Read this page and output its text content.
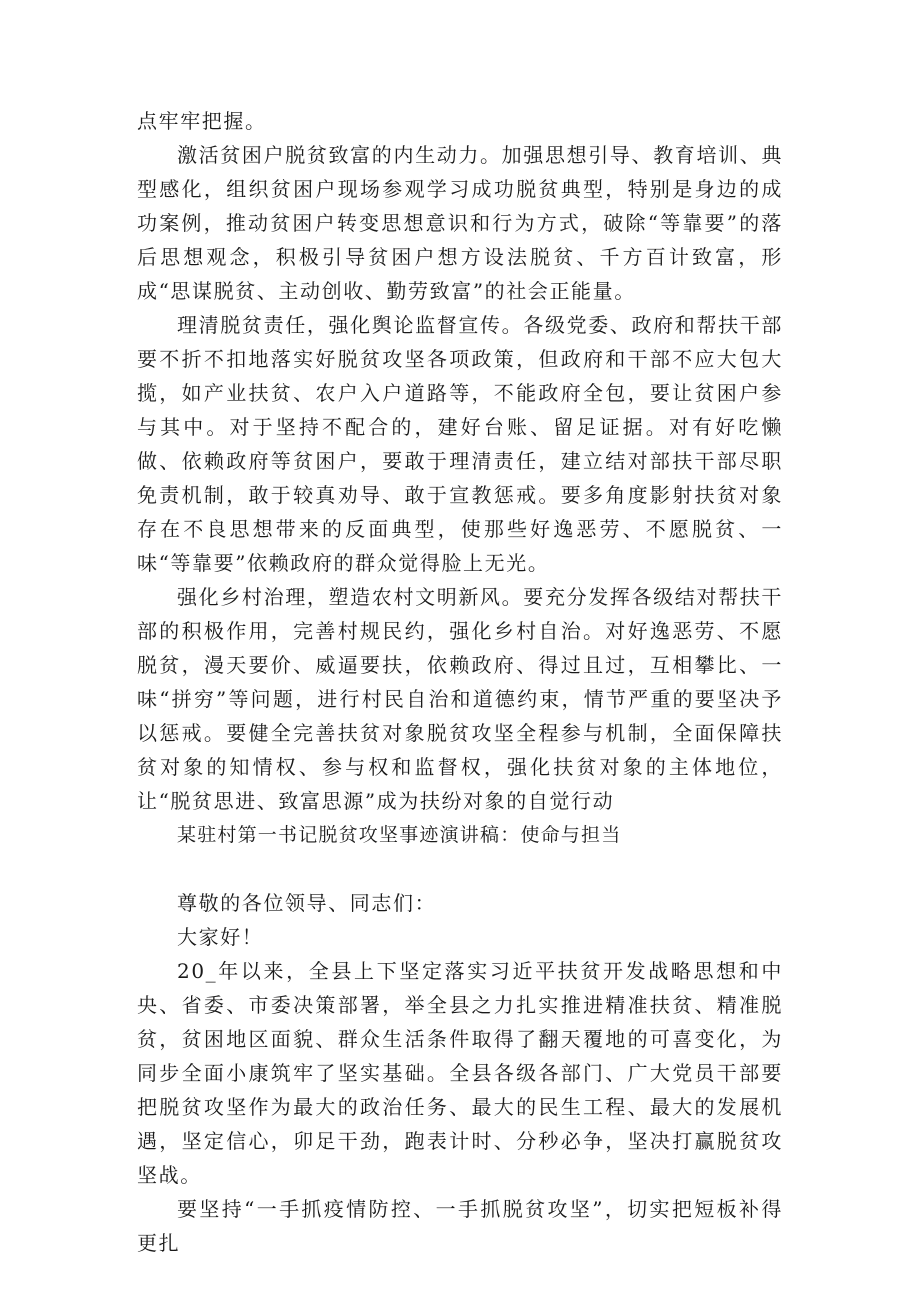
点牢牢把握。

激活贫困户脱贫致富的内生动力。加强思想引导、教育培训、典型感化，组织贫困户现场参观学习成功脱贫典型，特别是身边的成功案例，推动贫困户转变思想意识和行为方式，破除“等靠要”的落后思想观念，积极引导贫困户想方设法脱贫、千方百计致富，形成“思谋脱贫、主动创收、勤劳致富”的社会正能量。

理清脱贫责任，强化舆论监督宣传。各级党委、政府和帮扶干部要不折不扣地落实好脱贫攻坚各项政策，但政府和干部不应大包大揽，如产业扶贫、农户入户道路等，不能政府全包，要让贫困户参与其中。对于坚持不配合的，建好台账、留足证据。对有好吃懒做、依赖政府等贫困户，要敢于理清责任，建立结对部扶干部尽职免责机制，敢于较真劝导、敢于宣教惩戒。要多角度影射扶贫对象存在不良思想带来的反面典型，使那些好逸恶劳、不愿脱贫、一味“等靠要”依赖政府的群众觉得脸上无光。

强化乡村治理，塑造农村文明新风。要充分发挥各级结对帮扶干部的积极作用，完善村规民约，强化乡村自治。对好逸恶劳、不愿脱贫，漫天要价、威逼要扶，依赖政府、得过且过，互相攀比、一味“拼穷”等问题，进行村民自治和道德约束，情节严重的要坚决予以惩戒。要健全完善扶贫对象脱贫攻坚全程参与机制，全面保障扶贫对象的知情权、参与权和监督权，强化扶贫对象的主体地位，让“脱贫思进、致富思源”成为扶纷对象的自觉行动

某驻村第一书记脱贫攻坚事迹演讲稿：使命与担当

尊敬的各位领导、同志们：

大家好！

20_年以来，全县上下坚定落实习近平扶贫开发战略思想和中央、省委、市委决策部署，举全县之力扎实推进精准扶贫、精准脱贫，贫困地区面貌、群众生活条件取得了翻天覆地的可喜变化，为同步全面小康筑牢了坚实基础。全县各级各部门、广大党员干部要把脱贫攻坚作为最大的政治任务、最大的民生工程、最大的发展机遇，坚定信心，卯足干劲，跑表计时、分秒必争，坚决打赢脱贫攻坚战。

要坚持“一手抓疫情防控、一手抓脱贫攻坚”，切实把短板补得更扎
